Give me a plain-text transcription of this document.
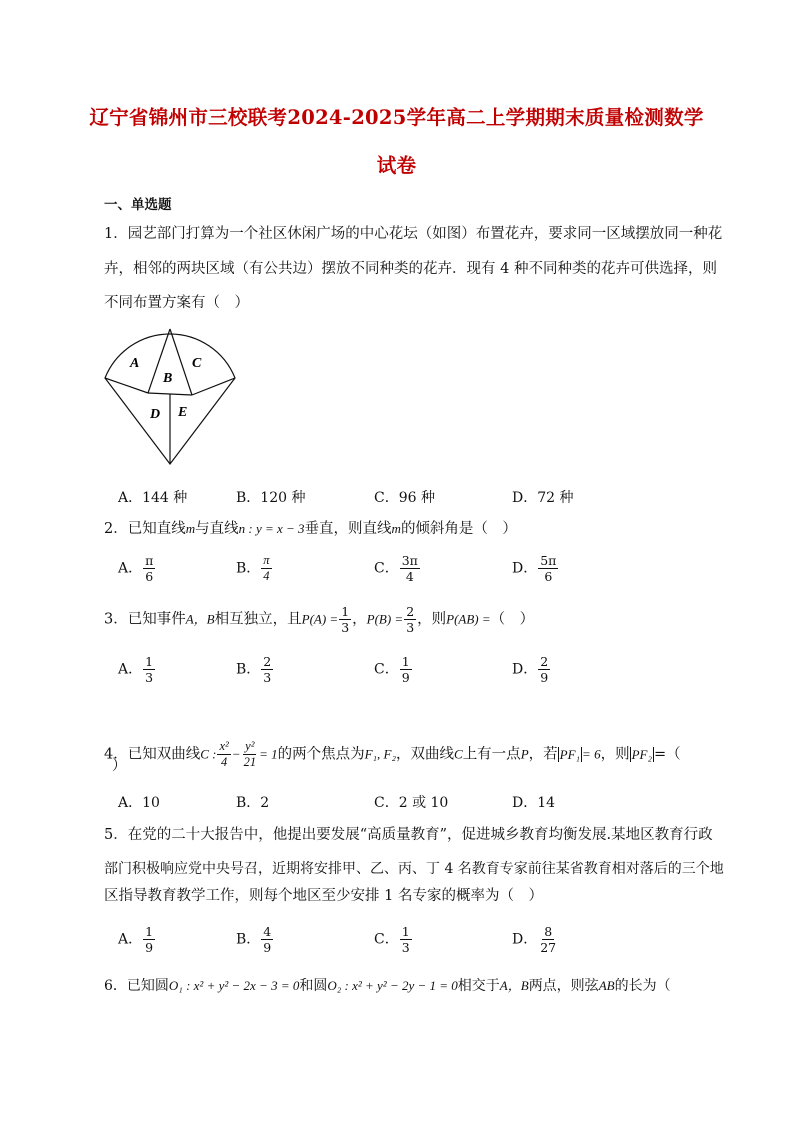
辽宁省锦州市三校联考2024-2025学年高二上学期期末质量检测数学
试卷
一、单选题
1．园艺部门打算为一个社区休闲广场的中心花坛（如图）布置花卉，要求同一区域摆放同一种花
卉，相邻的两块区域（有公共边）摆放不同种类的花卉．现有 4 种不同种类的花卉可供选择，则
不同布置方案有（　）
A
B
C
D E
A．144 种	B．120 种	C．96 种	D．72 种
2．已知直线m与直线n : y = x − 3垂直，则直线m的倾斜角是（　）
A． $\frac{\pi}{6}$	B． $\frac{\pi}{4}$	C． $\frac{3\pi}{4}$	D． $\frac{5\pi}{6}$
3．已知事件A，B相互独立，且$P(A) = \frac{1}{3}$ ，$P(B) = \frac{2}{3}$ ，则P(AB) =（　）
A． $\frac{1}{3}$	B． $\frac{2}{3}$	C． $\frac{1}{9}$	D． $\frac{2}{9}$
4．已知双曲线C : $\frac{\text{x²}}{4} - \frac{\text{y²}}{21} = 1$的两个焦点为F₁, F₂，双曲线C上有一点P，若 PF₁ = 6，则 PF₂ =（
）
A．10	B．2	C．2 或 10	D．14
5．在党的二十大报告中，他提出要发展“高质量教育”，促进城乡教育均衡发展.某地区教育行政
部门积极响应党中央号召，近期将安排甲、乙、丙、丁 4 名教育专家前往某省教育相对落后的三个地
区指导教育教学工作，则每个地区至少安排 1 名专家的概率为（　）
A． $\frac{1}{9}$	B． $\frac{4}{9}$	C． $\frac{1}{3}$	D． $\frac{8}{27}$
6．已知圆O₁ : x² + y² − 2x − 3 = 0和圆O₂ : x² + y² − 2y − 1 = 0相交于A，B两点，则弦AB的长为（
